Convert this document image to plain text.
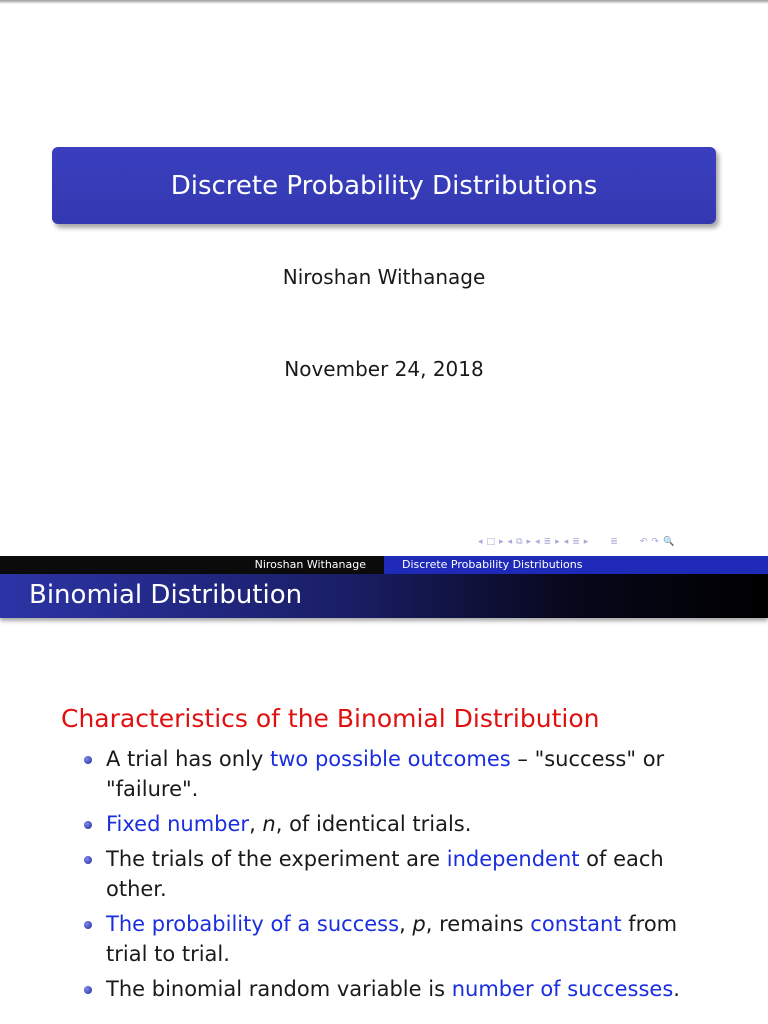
Discrete Probability Distributions
Niroshan Withanage
November 24, 2018
◂ □ ▸ ◂ ⧉ ▸ ◂ ≣ ▸ ◂ ≣ ▸ ≣ ↶ ↷ 🔍
Niroshan Withanage	Discrete Probability Distributions
Binomial Distribution
Characteristics of the Binomial Distribution
A trial has only two possible outcomes – "success" or "failure".
Fixed number, n, of identical trials.
The trials of the experiment are independent of each other.
The probability of a success, p, remains constant from trial to trial.
The binomial random variable is number of successes.
